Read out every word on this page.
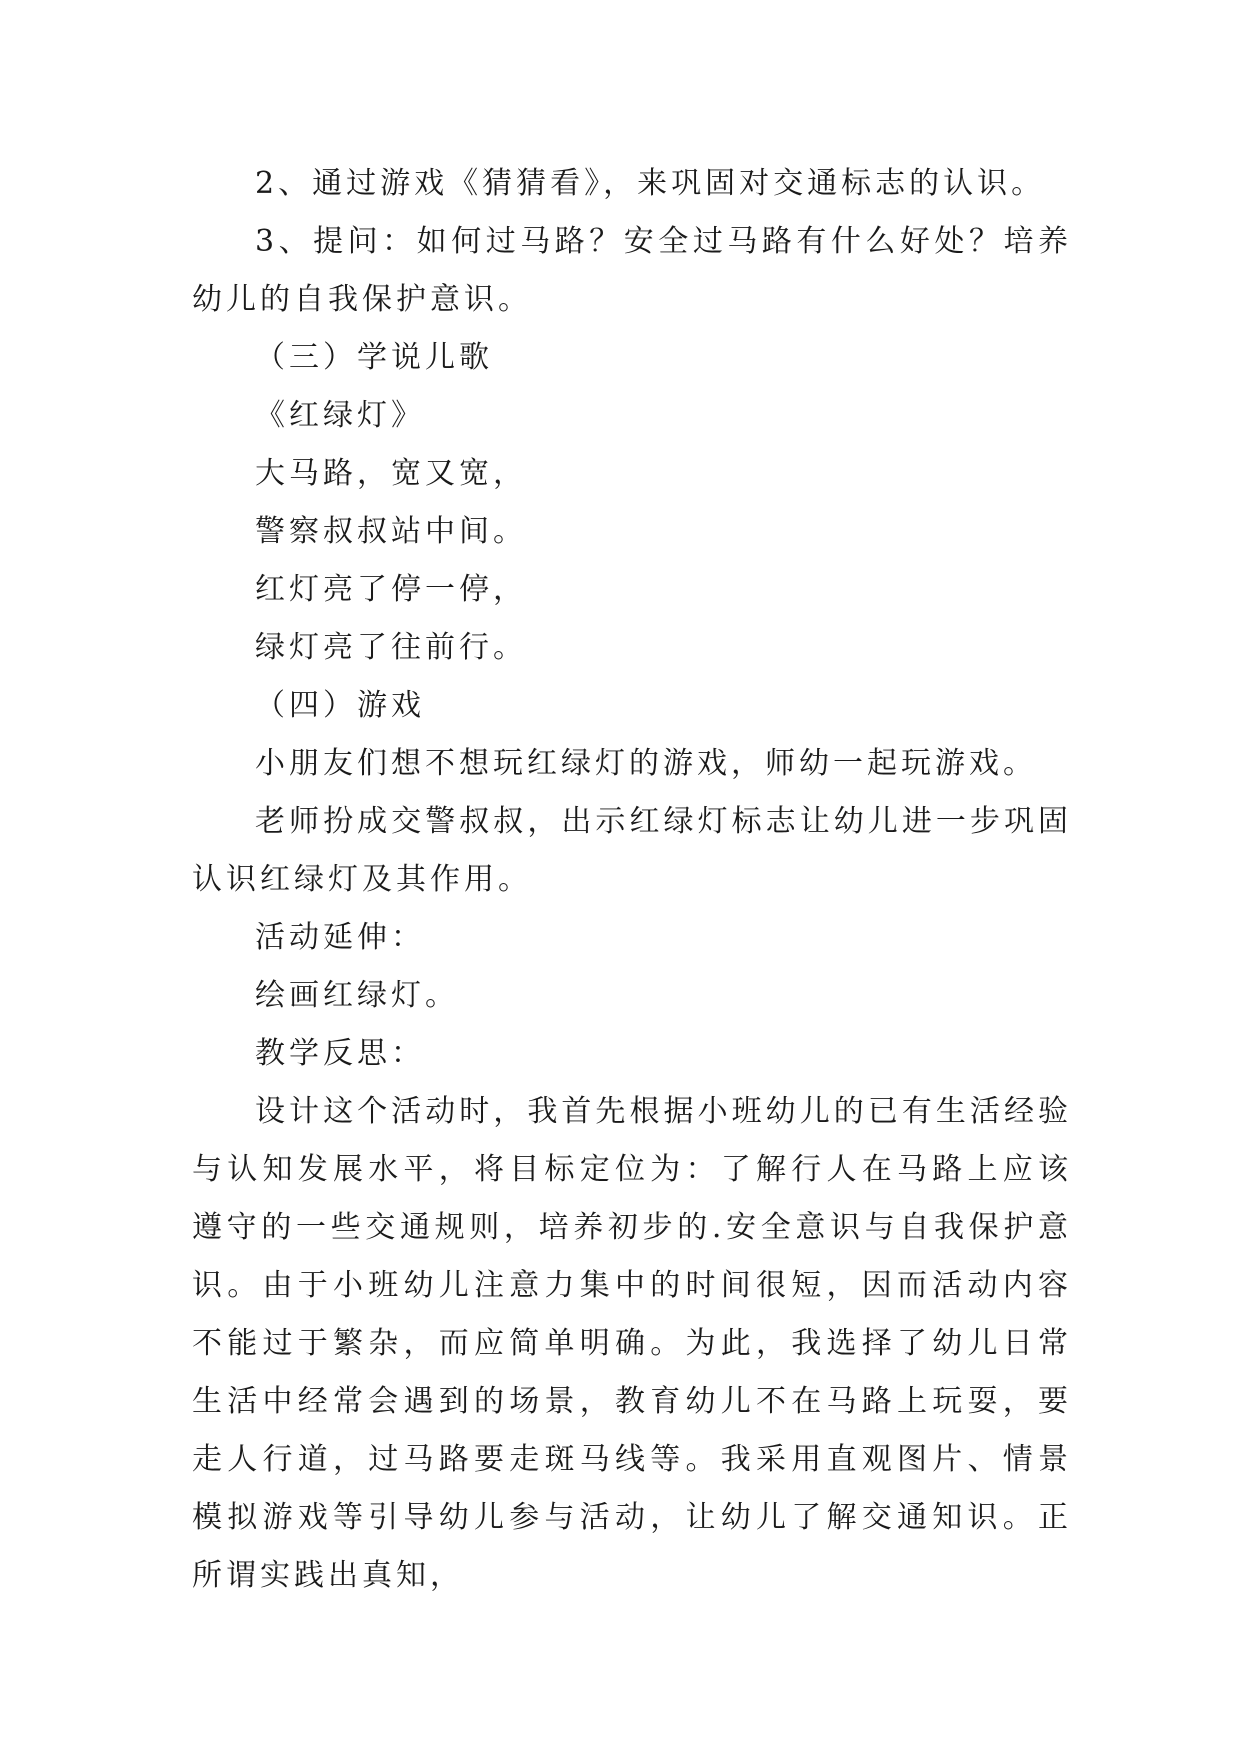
2、通过游戏《猜猜看》，来巩固对交通标志的认识。

3、提问：如何过马路？安全过马路有什么好处？培养幼儿的自我保护意识。

（三）学说儿歌

《红绿灯》

大马路，宽又宽，

警察叔叔站中间。

红灯亮了停一停，

绿灯亮了往前行。

（四）游戏

小朋友们想不想玩红绿灯的游戏，师幼一起玩游戏。

老师扮成交警叔叔，出示红绿灯标志让幼儿进一步巩固认识红绿灯及其作用。

活动延伸：

绘画红绿灯。

教学反思：

设计这个活动时，我首先根据小班幼儿的已有生活经验与认知发展水平，将目标定位为：了解行人在马路上应该遵守的一些交通规则，培养初步的.安全意识与自我保护意识。由于小班幼儿注意力集中的时间很短，因而活动内容不能过于繁杂，而应简单明确。为此，我选择了幼儿日常生活中经常会遇到的场景，教育幼儿不在马路上玩耍，要走人行道，过马路要走斑马线等。我采用直观图片、情景模拟游戏等引导幼儿参与活动，让幼儿了解交通知识。正所谓实践出真知，
